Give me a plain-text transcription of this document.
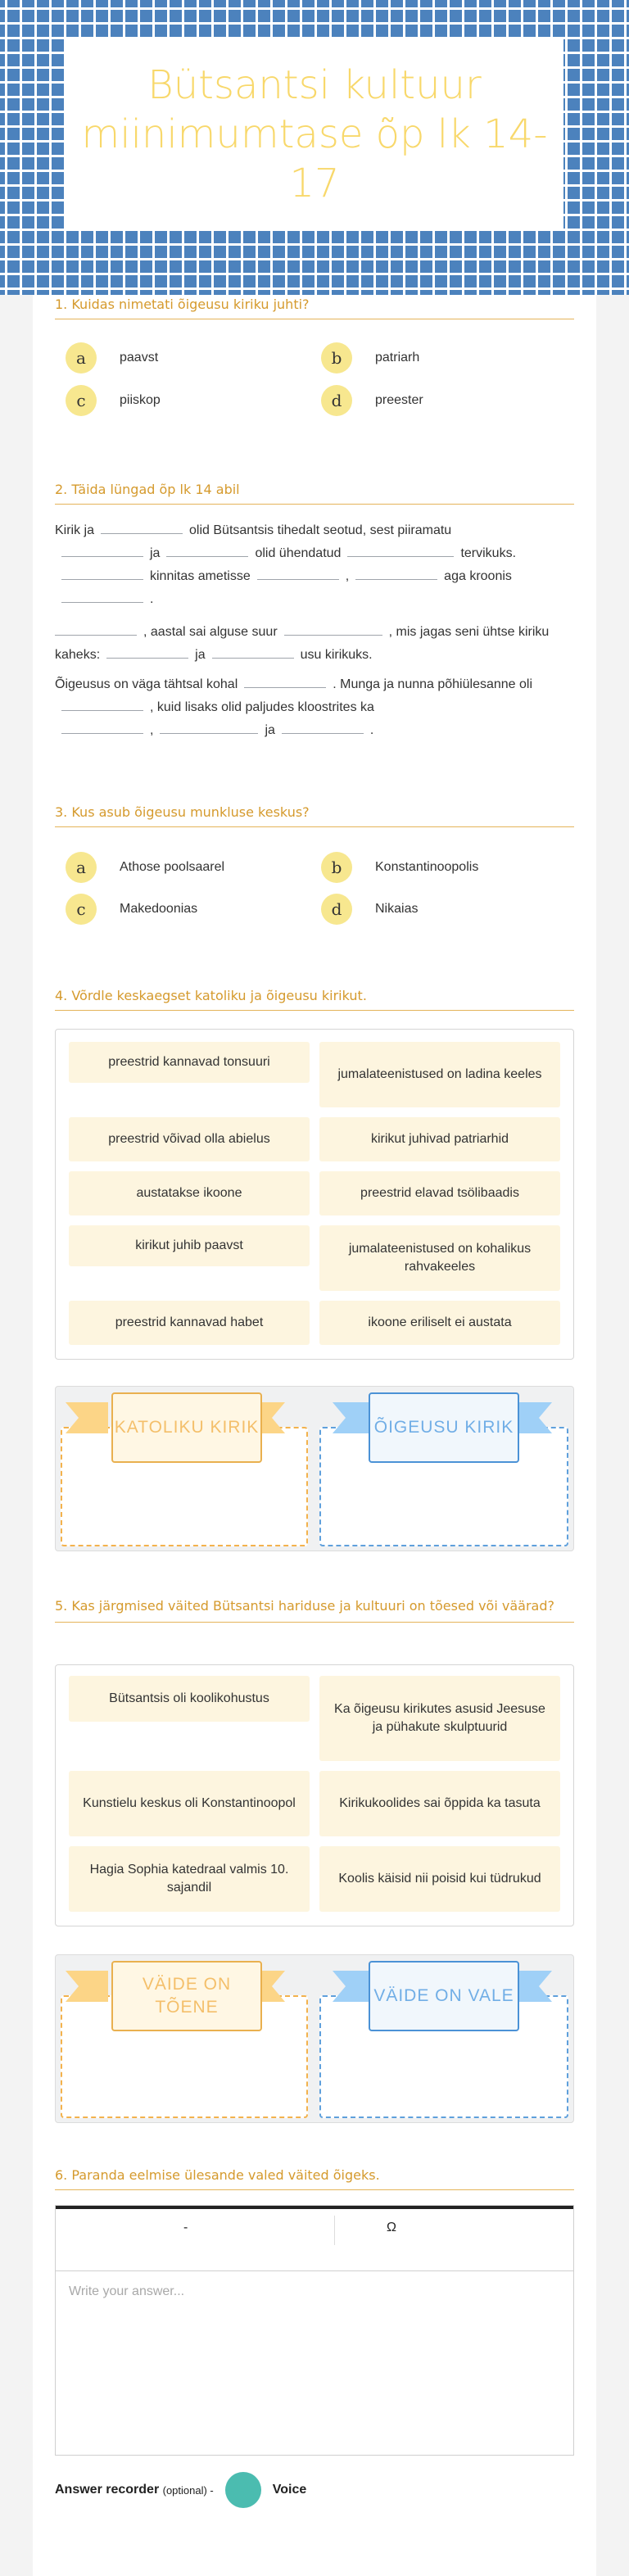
Bütsantsi kultuur miinimumtase õp lk 14-17
1. Kuidas nimetati õigeusu kiriku juhti?
a	paavst	b	patriarh
c	piiskop	d	preester
2. Täida lüngad õp lk 14 abil
Kirik ja	olid Bütsantsis tihedalt seotud, sest piiramatu
ja	olid ühendatud	tervikuks.
kinnitas ametisse	,	aga kroonis
.
, aastal sai alguse suur	, mis jagas seni ühtse kiriku kaheks:	ja	usu kirikuks.
Õigeusus on väga tähtsal kohal	. Munga ja nunna põhiülesanne oli, kuid lisaks olid paljudes kloostrites ka
,	ja	.
3. Kus asub õigeusu munkluse keskus?
a	Athose poolsaarel	b	Konstantinoopolis
c	Makedoonias	d	Nikaias
4. Võrdle keskaegset katoliku ja õigeusu kirikut.
preestrid kannavad tonsuuri
jumalateenistused on ladina keeles
preestrid võivad olla abielus	kirikut juhivad patriarhid
austatakse ikoone	preestrid elavad tsölibaadis
kirikut juhib paavst	jumalateenistused on kohalikus rahvakeeles
preestrid kannavad habet	ikoone eriliselt ei austata
KATOLIKU KIRIK	ÕIGEUSU KIRIK
5. Kas järgmised väited Bütsantsi hariduse ja kultuuri on tõesed või väärad?
Bütsantsis oli koolikohustus
Ka õigeusu kirikutes asusid Jeesuse ja pühakute skulptuurid
Kunstielu keskus oli Konstantinoopol	Kirikukoolides sai õppida ka tasuta
Hagia Sophia katedraal valmis 10. sajandil
Koolis käisid nii poisid kui tüdrukud
VÄIDE ON TÕENE
VÄIDE ON VALE
6. Paranda eelmise ülesande valed väited õigeks.
-	Ω
Write your answer...
Answer recorder
(optional) -	Voice
